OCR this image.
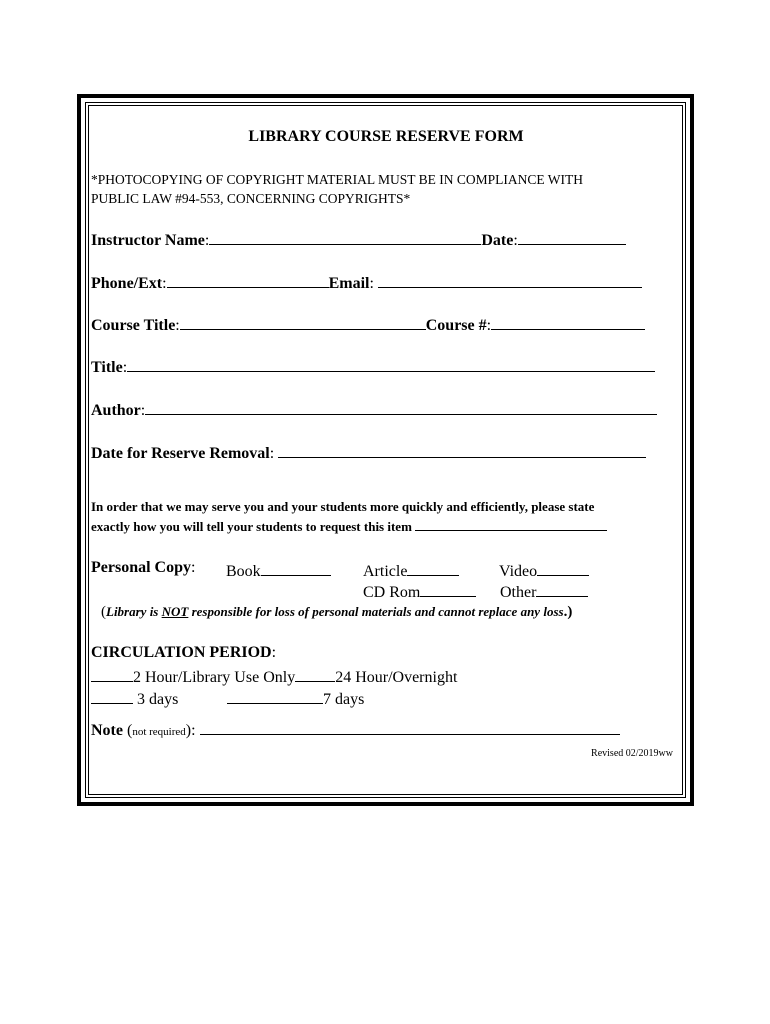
LIBRARY COURSE RESERVE FORM
*PHOTOCOPYING OF COPYRIGHT MATERIAL MUST BE IN COMPLIANCE WITH
PUBLIC LAW #94-553, CONCERNING COPYRIGHTS*
Instructor Name:	Date:
Phone/Ext:	Email:
Course Title:	Course #:
Title:
Author:
Date for Reserve Removal:
In order that we may serve you and your students more quickly and efficiently, please state
exactly how you will tell your students to request this item
Personal Copy: Book	Article	Video
CD Rom	Other
(Library is NOT responsible for loss of personal materials and cannot replace any loss.)
CIRCULATION PERIOD:
2 Hour/Library Use Only	24 Hour/Overnight
3 days	7 days
Note (not required):
Revised 02/2019ww
